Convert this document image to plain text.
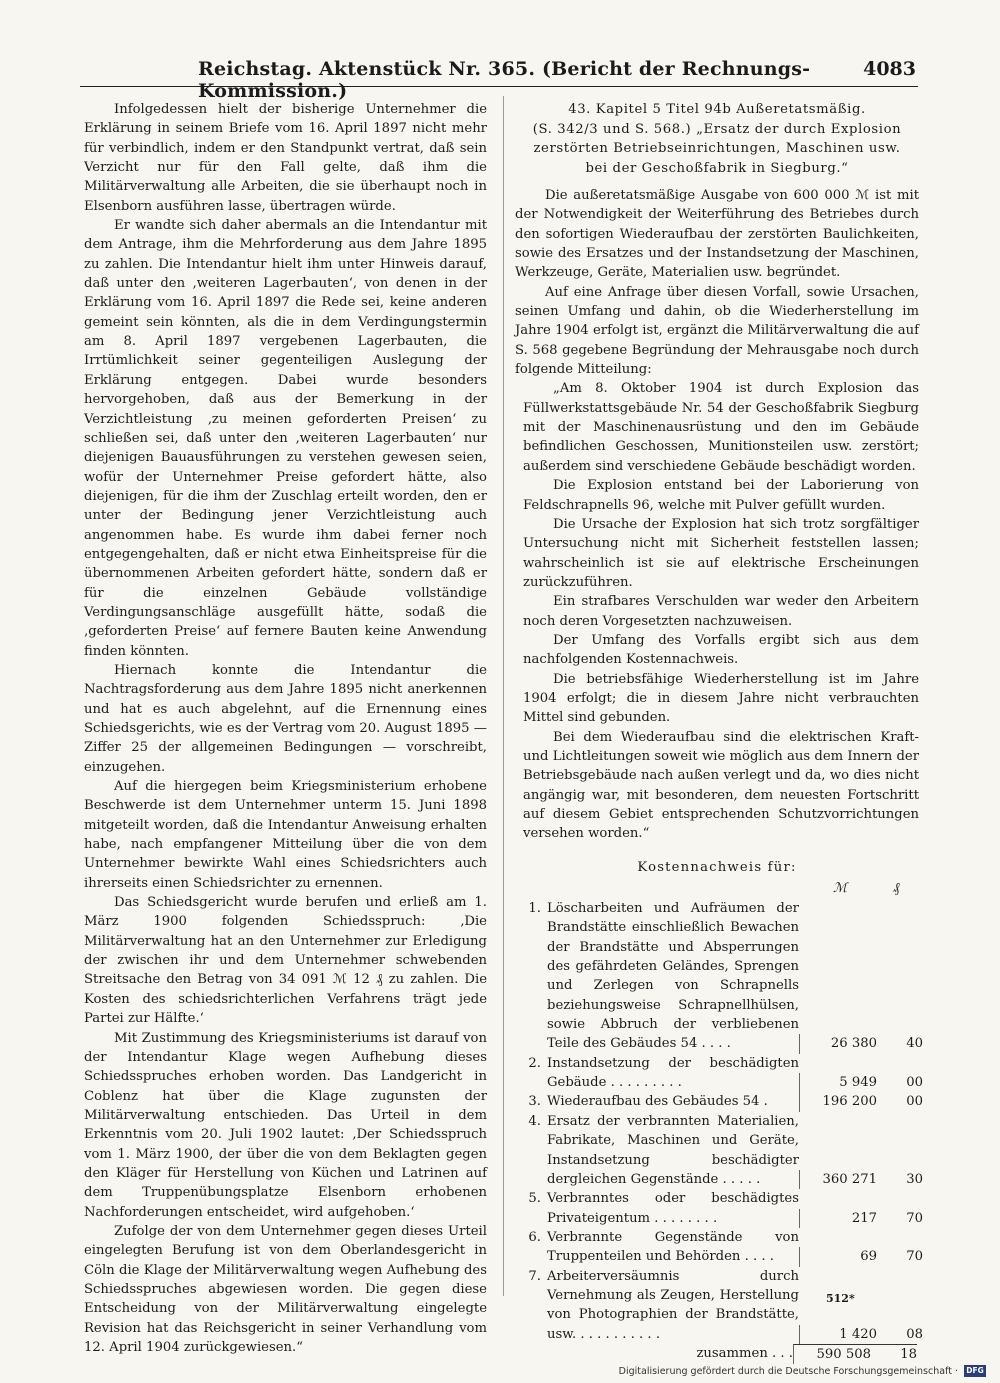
Reichstag. Aktenstück Nr. 365. (Bericht der Rechnungs-Kommission.)
4083

Infolgedessen hielt der bisherige Unternehmer die Erklärung in seinem Briefe vom 16. April 1897 nicht mehr für verbindlich, indem er den Standpunkt vertrat, daß sein Verzicht nur für den Fall gelte, daß ihm die Militärverwaltung alle Arbeiten, die sie überhaupt noch in Elsenborn ausführen lasse, übertragen würde.

Er wandte sich daher abermals an die Intendantur mit dem Antrage, ihm die Mehrforderung aus dem Jahre 1895 zu zahlen. Die Intendantur hielt ihm unter Hinweis darauf, daß unter den ‚weiteren Lagerbauten‘, von denen in der Erklärung vom 16. April 1897 die Rede sei, keine anderen gemeint sein könnten, als die in dem Verdingungstermin am 8. April 1897 vergebenen Lagerbauten, die Irrtümlichkeit seiner gegenteiligen Auslegung der Erklärung entgegen. Dabei wurde besonders hervorgehoben, daß aus der Bemerkung in der Verzichtleistung ‚zu meinen geforderten Preisen‘ zu schließen sei, daß unter den ‚weiteren Lagerbauten‘ nur diejenigen Bauausführungen zu verstehen gewesen seien, wofür der Unternehmer Preise gefordert hätte, also diejenigen, für die ihm der Zuschlag erteilt worden, den er unter der Bedingung jener Verzichtleistung auch angenommen habe. Es wurde ihm dabei ferner noch entgegengehalten, daß er nicht etwa Einheitspreise für die übernommenen Arbeiten gefordert hätte, sondern daß er für die einzelnen Gebäude vollständige Verdingungsanschläge ausgefüllt hätte, sodaß die ‚geforderten Preise‘ auf fernere Bauten keine Anwendung finden könnten.

Hiernach konnte die Intendantur die Nachtragsforderung aus dem Jahre 1895 nicht anerkennen und hat es auch abgelehnt, auf die Ernennung eines Schiedsgerichts, wie es der Vertrag vom 20. August 1895 — Ziffer 25 der allgemeinen Bedingungen — vorschreibt, einzugehen.

Auf die hiergegen beim Kriegsministerium erhobene Beschwerde ist dem Unternehmer unterm 15. Juni 1898 mitgeteilt worden, daß die Intendantur Anweisung erhalten habe, nach empfangener Mitteilung über die von dem Unternehmer bewirkte Wahl eines Schiedsrichters auch ihrerseits einen Schiedsrichter zu ernennen.

Das Schiedsgericht wurde berufen und erließ am 1. März 1900 folgenden Schiedsspruch: ‚Die Militärverwaltung hat an den Unternehmer zur Erledigung der zwischen ihr und dem Unternehmer schwebenden Streitsache den Betrag von 34 091 ℳ 12 ₰ zu zahlen. Die Kosten des schiedsrichterlichen Verfahrens trägt jede Partei zur Hälfte.‘

Mit Zustimmung des Kriegsministeriums ist darauf von der Intendantur Klage wegen Aufhebung dieses Schiedsspruches erhoben worden. Das Landgericht in Coblenz hat über die Klage zugunsten der Militärverwaltung entschieden. Das Urteil in dem Erkenntnis vom 20. Juli 1902 lautet: ‚Der Schiedsspruch vom 1. März 1900, der über die von dem Beklagten gegen den Kläger für Herstellung von Küchen und Latrinen auf dem Truppenübungsplatze Elsenborn erhobenen Nachforderungen entscheidet, wird aufgehoben.‘

Zufolge der von dem Unternehmer gegen dieses Urteil eingelegten Berufung ist von dem Oberlandesgericht in Cöln die Klage der Militärverwaltung wegen Aufhebung des Schiedsspruches abgewiesen worden. Die gegen diese Entscheidung von der Militärverwaltung eingelegte Revision hat das Reichsgericht in seiner Verhandlung vom 12. April 1904 zurückgewiesen.“

43. Kapitel 5 Titel 94b Außeretatsmäßig.
(S. 342/3 und S. 568.) „Ersatz der durch Explosion
zerstörten Betriebseinrichtungen, Maschinen usw.
bei der Geschoßfabrik in Siegburg.“

Die außeretatsmäßige Ausgabe von 600 000 ℳ ist mit der Notwendigkeit der Weiterführung des Betriebes durch den sofortigen Wiederaufbau der zerstörten Baulichkeiten, sowie des Ersatzes und der Instandsetzung der Maschinen, Werkzeuge, Geräte, Materialien usw. begründet.

Auf eine Anfrage über diesen Vorfall, sowie Ursachen, seinen Umfang und dahin, ob die Wiederherstellung im Jahre 1904 erfolgt ist, ergänzt die Militärverwaltung die auf S. 568 gegebene Begründung der Mehrausgabe noch durch folgende Mitteilung:

„Am 8. Oktober 1904 ist durch Explosion das Füllwerkstattsgebäude Nr. 54 der Geschoßfabrik Siegburg mit der Maschinenausrüstung und den im Gebäude befindlichen Geschossen, Munitionsteilen usw. zerstört; außerdem sind verschiedene Gebäude beschädigt worden.

Die Explosion entstand bei der Laborierung von Feldschrapnells 96, welche mit Pulver gefüllt wurden.

Die Ursache der Explosion hat sich trotz sorgfältiger Untersuchung nicht mit Sicherheit feststellen lassen; wahrscheinlich ist sie auf elektrische Erscheinungen zurückzuführen.

Ein strafbares Verschulden war weder den Arbeitern noch deren Vorgesetzten nachzuweisen.

Der Umfang des Vorfalls ergibt sich aus dem nachfolgenden Kostennachweis.

Die betriebsfähige Wiederherstellung ist im Jahre 1904 erfolgt; die in diesem Jahre nicht verbrauchten Mittel sind gebunden.

Bei dem Wiederaufbau sind die elektrischen Kraft- und Lichtleitungen soweit wie möglich aus dem Innern der Betriebsgebäude nach außen verlegt und da, wo dies nicht angängig war, mit besonderen, dem neuesten Fortschritt auf diesem Gebiet entsprechenden Schutzvorrichtungen versehen worden.“

Kostennachweis für:
ℳ	₰
1. Löscharbeiten und Aufräumen der Brandstätte einschließlich Bewachen der Brandstätte und Absperrungen des gefährdeten Geländes, Sprengen und Zerlegen von Schrapnells beziehungsweise Schrapnellhülsen, sowie Abbruch der verbliebenen Teile des Gebäudes 54 . . . .	26 380	40
2. Instandsetzung der beschädigten Gebäude . . . . . . . . .	5 949	00
3. Wiederaufbau des Gebäudes 54 .	196 200	00
4. Ersatz der verbrannten Materialien, Fabrikate, Maschinen und Geräte, Instandsetzung beschädigter dergleichen Gegenstände . . . . .	360 271	30
5. Verbranntes oder beschädigtes Privateigentum . . . . . . . .	217	70
6. Verbrannte Gegenstände von Truppenteilen und Behörden . . . .	69	70
7. Arbeiterversäumnis durch Vernehmung als Zeugen, Herstellung von Photographien der Brandstätte, usw. . . . . . . . . . .	1 420	08
zusammen . . .	590 508	18
512*
Digitalisierung gefördert durch die Deutsche Forschungsgemeinschaft · DFG
